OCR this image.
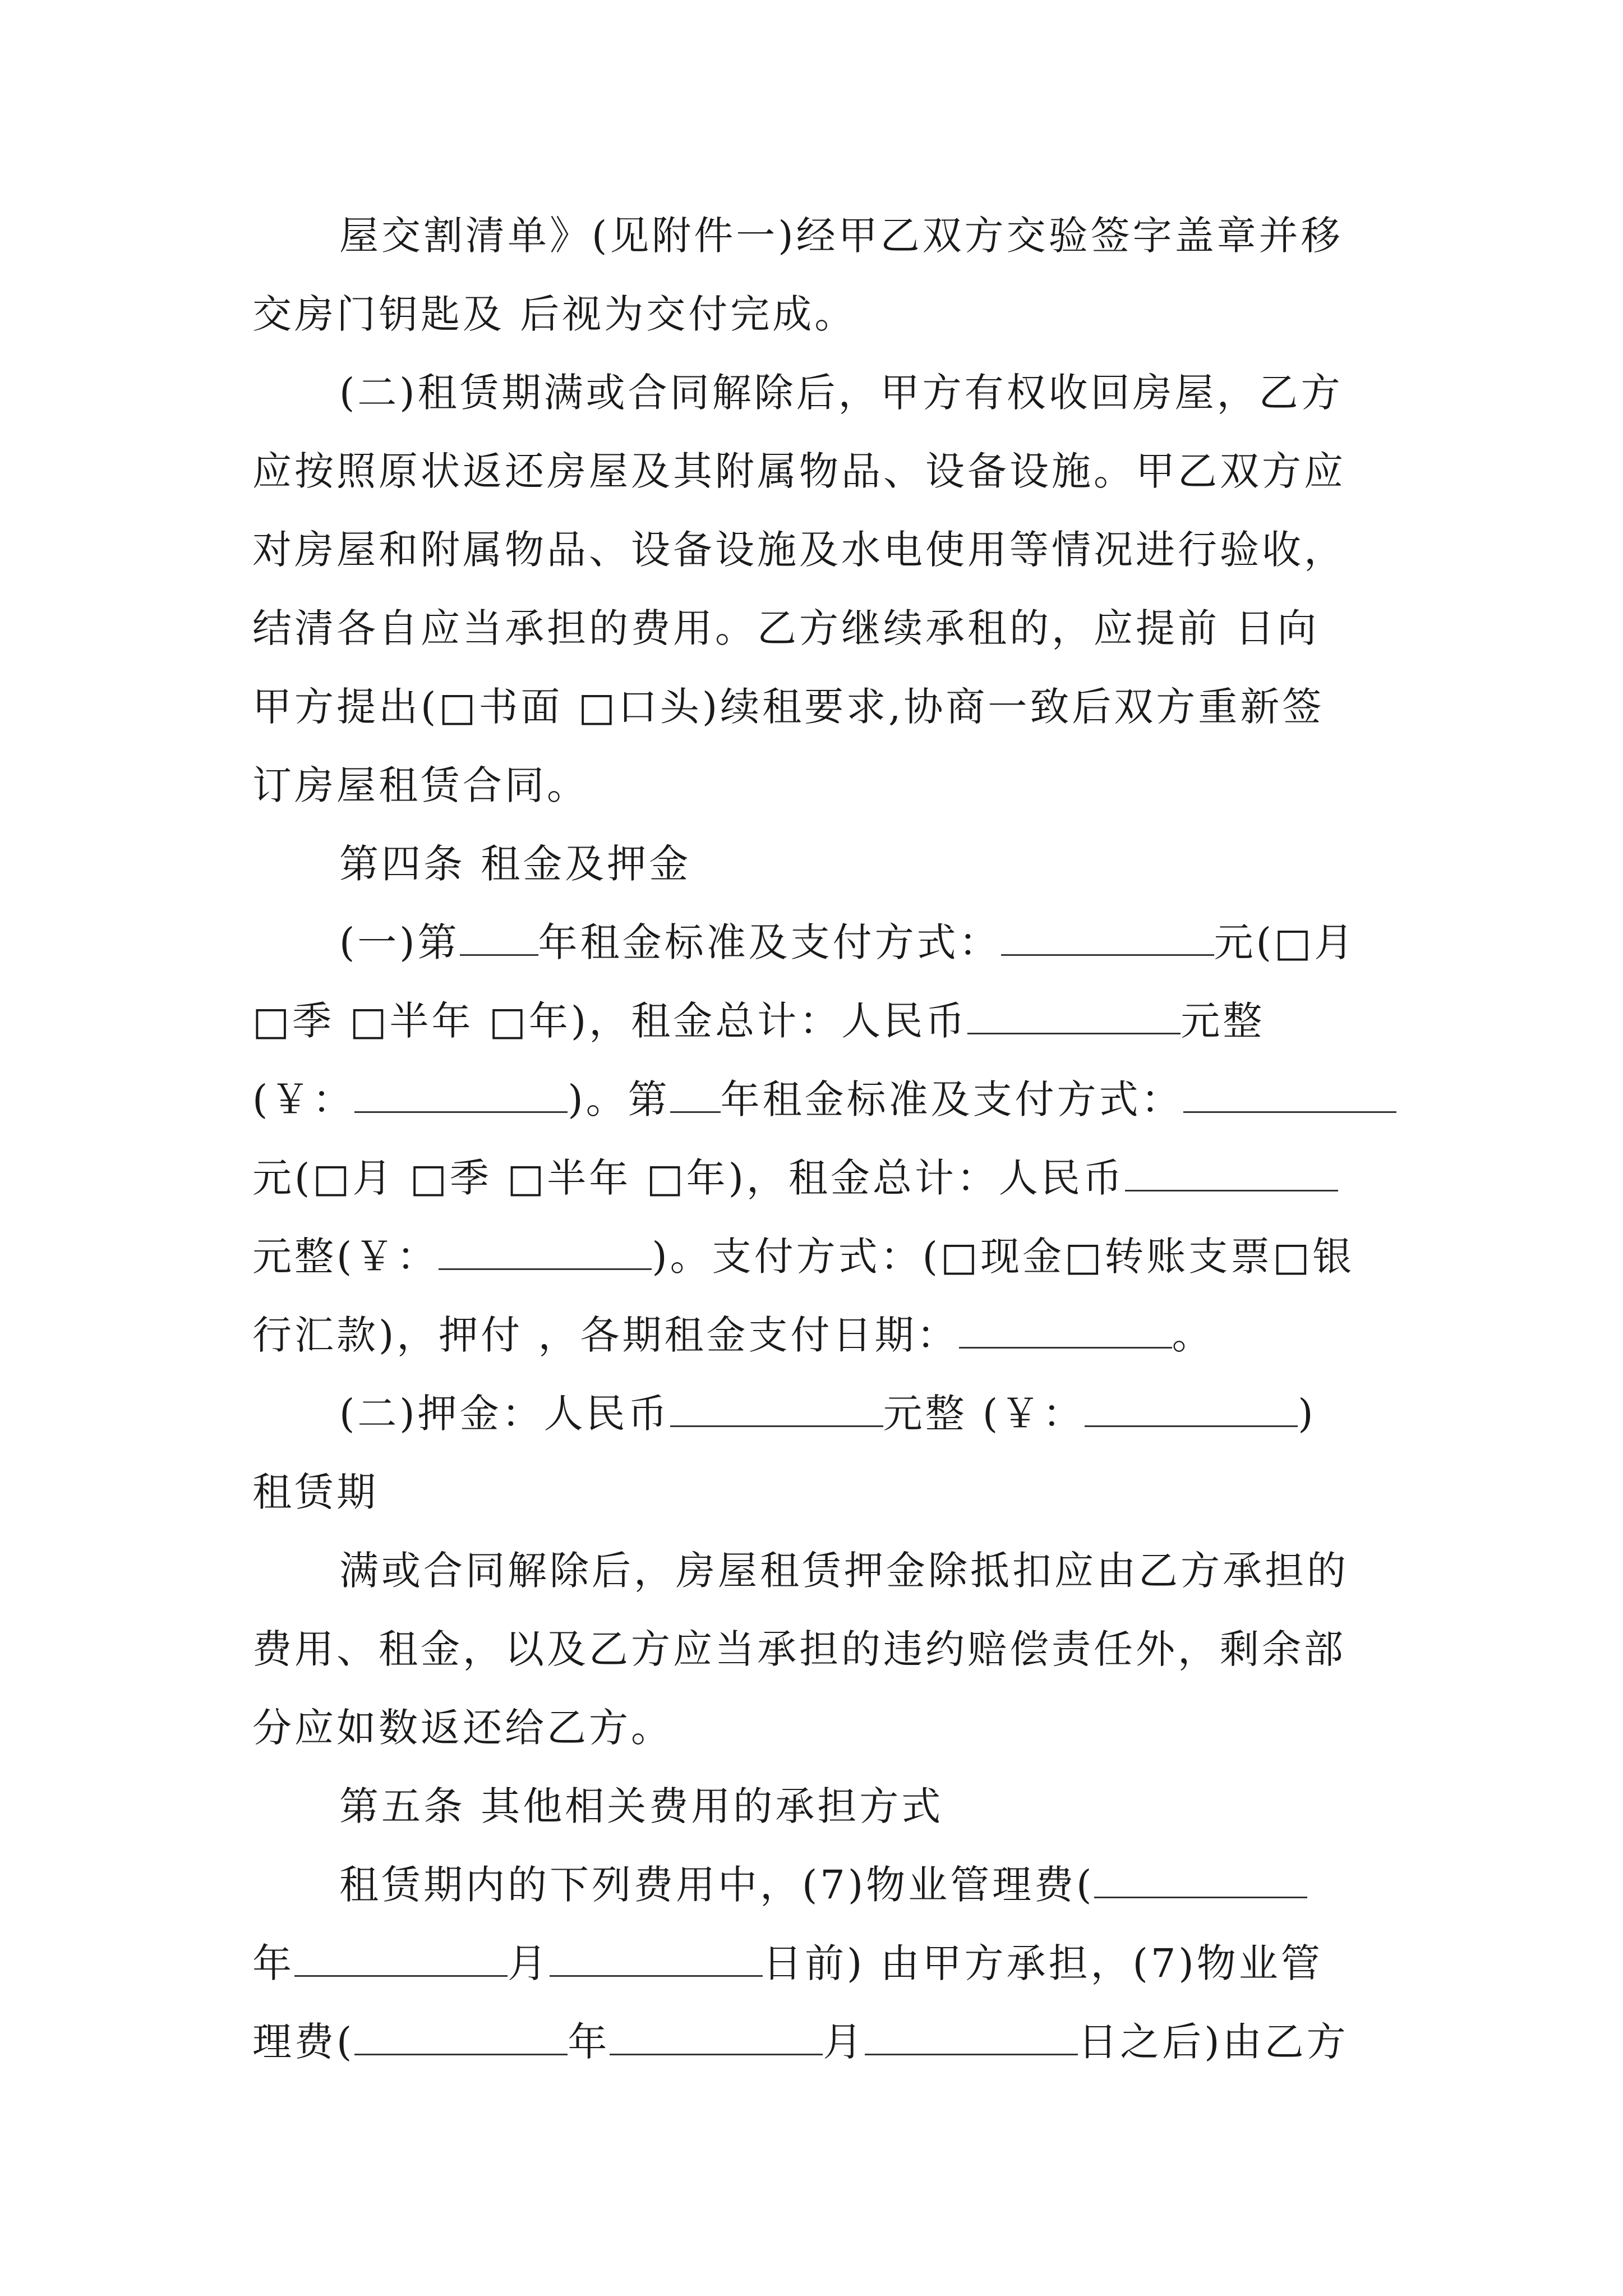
屋交割清单》(见附件一)经甲乙双方交验签字盖章并移
交房门钥匙及 后视为交付完成。
(二)租赁期满或合同解除后，甲方有权收回房屋，乙方
应按照原状返还房屋及其附属物品、设备设施。甲乙双方应
对房屋和附属物品、设备设施及水电使用等情况进行验收，
结清各自应当承担的费用。乙方继续承租的，应提前 日向
甲方提出(□书面 □口头)续租要求,协商一致后双方重新签
订房屋租赁合同。
第四条 租金及押金
(一)第 年租金标准及支付方式：	元(□月
□季 □半年 □年)，租金总计：人民币	元整
(￥：	)。第 年租金标准及支付方式：
元(□月 □季 □半年 □年)，租金总计：人民币
元整(￥：	)。支付方式：(□现金□转账支票□银
行汇款)，押付 ，各期租金支付日期：	。
(二)押金：人民币	元整 (￥：	)
租赁期
满或合同解除后，房屋租赁押金除抵扣应由乙方承担的
费用、租金，以及乙方应当承担的违约赔偿责任外，剩余部
分应如数返还给乙方。
第五条 其他相关费用的承担方式
租赁期内的下列费用中，(7)物业管理费(
年	月	日前) 由甲方承担，(7)物业管
理费(	年	月	日之后)由乙方
